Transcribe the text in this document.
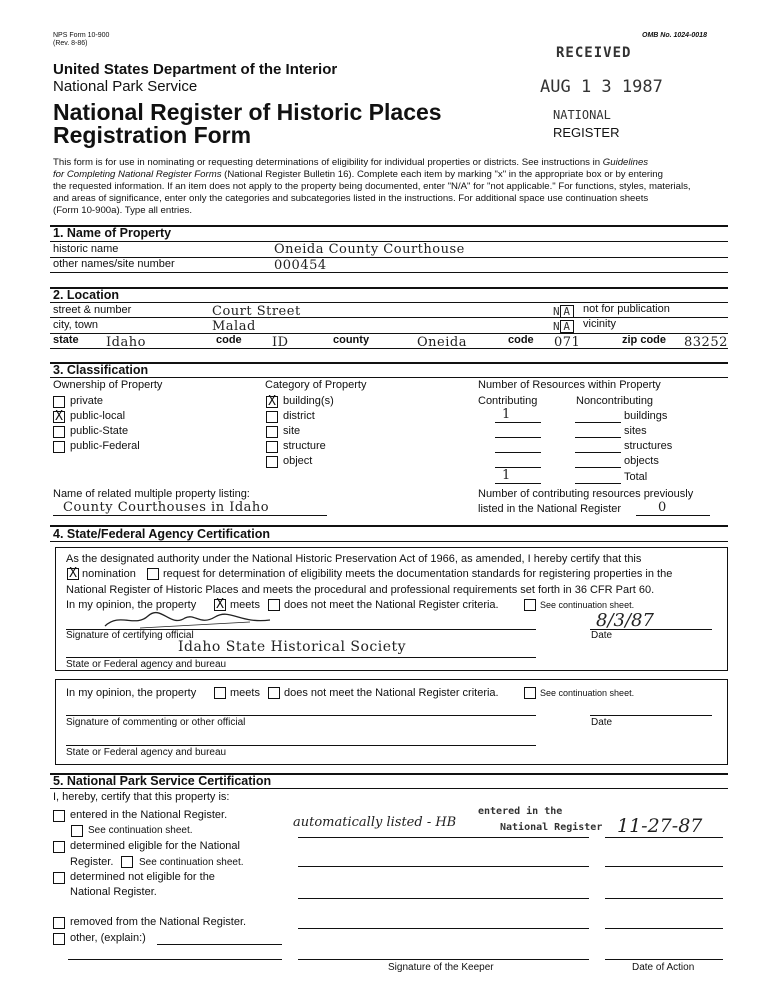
NPS Form 10-900
(Rev. 8-86)
OMB No. 1024-0018
RECEIVED
AUG 1 3 1987
NATIONAL
REGISTER
United States Department of the Interior
National Park Service
National Register of Historic Places
Registration Form
This form is for use in nominating or requesting determinations of eligibility for individual properties or districts. See instructions in Guidelines
for Completing National Register Forms (National Register Bulletin 16). Complete each item by marking "x" in the appropriate box or by entering
the requested information. If an item does not apply to the property being documented, enter "N/A" for "not applicable." For functions, styles, materials,
and areas of significance, enter only the categories and subcategories listed in the instructions. For additional space use continuation sheets
(Form 10-900a). Type all entries.
1. Name of Property
historic name	Oneida County Courthouse
other names/site number	000454
2. Location
street & number	Court Street	N A	not for publication
city, town	Malad	N A	vicinity
state Idaho	code ID	county	Oneida	code 071	zip code 83252
3. Classification
Ownership of Property	Category of Property	Number of Resources within Property
Contributing	Noncontributing
private
X public-local
public-State
public-Federal
X building(s)
district
site
structure
object
1	buildings
sites
structures
objects
1	Total
Name of related multiple property listing:
County Courthouses in Idaho
Number of contributing resources previously
listed in the National Register	0
4. State/Federal Agency Certification
As the designated authority under the National Historic Preservation Act of 1966, as amended, I hereby certify that this
X nomination request for determination of eligibility meets the documentation standards for registering properties in the
National Register of Historic Places and meets the procedural and professional requirements set forth in 36 CFR Part 60.
In my opinion, the property X meets does not meet the National Register criteria.	See continuation sheet.
8/3/87
Signature of certifying official	Date
Idaho State Historical Society
State or Federal agency and bureau
In my opinion, the property	meets does not meet the National Register criteria.	See continuation sheet.
Signature of commenting or other official	Date
State or Federal agency and bureau
5. National Park Service Certification
I, hereby, certify that this property is:
entered in the National Register.
See continuation sheet.
determined eligible for the National
Register.	See continuation sheet.
determined not eligible for the
National Register.
removed from the National Register.
other, (explain:)
automatically listed - HB
entered in the
National Register 11-27-87
Signature of the Keeper	Date of Action
